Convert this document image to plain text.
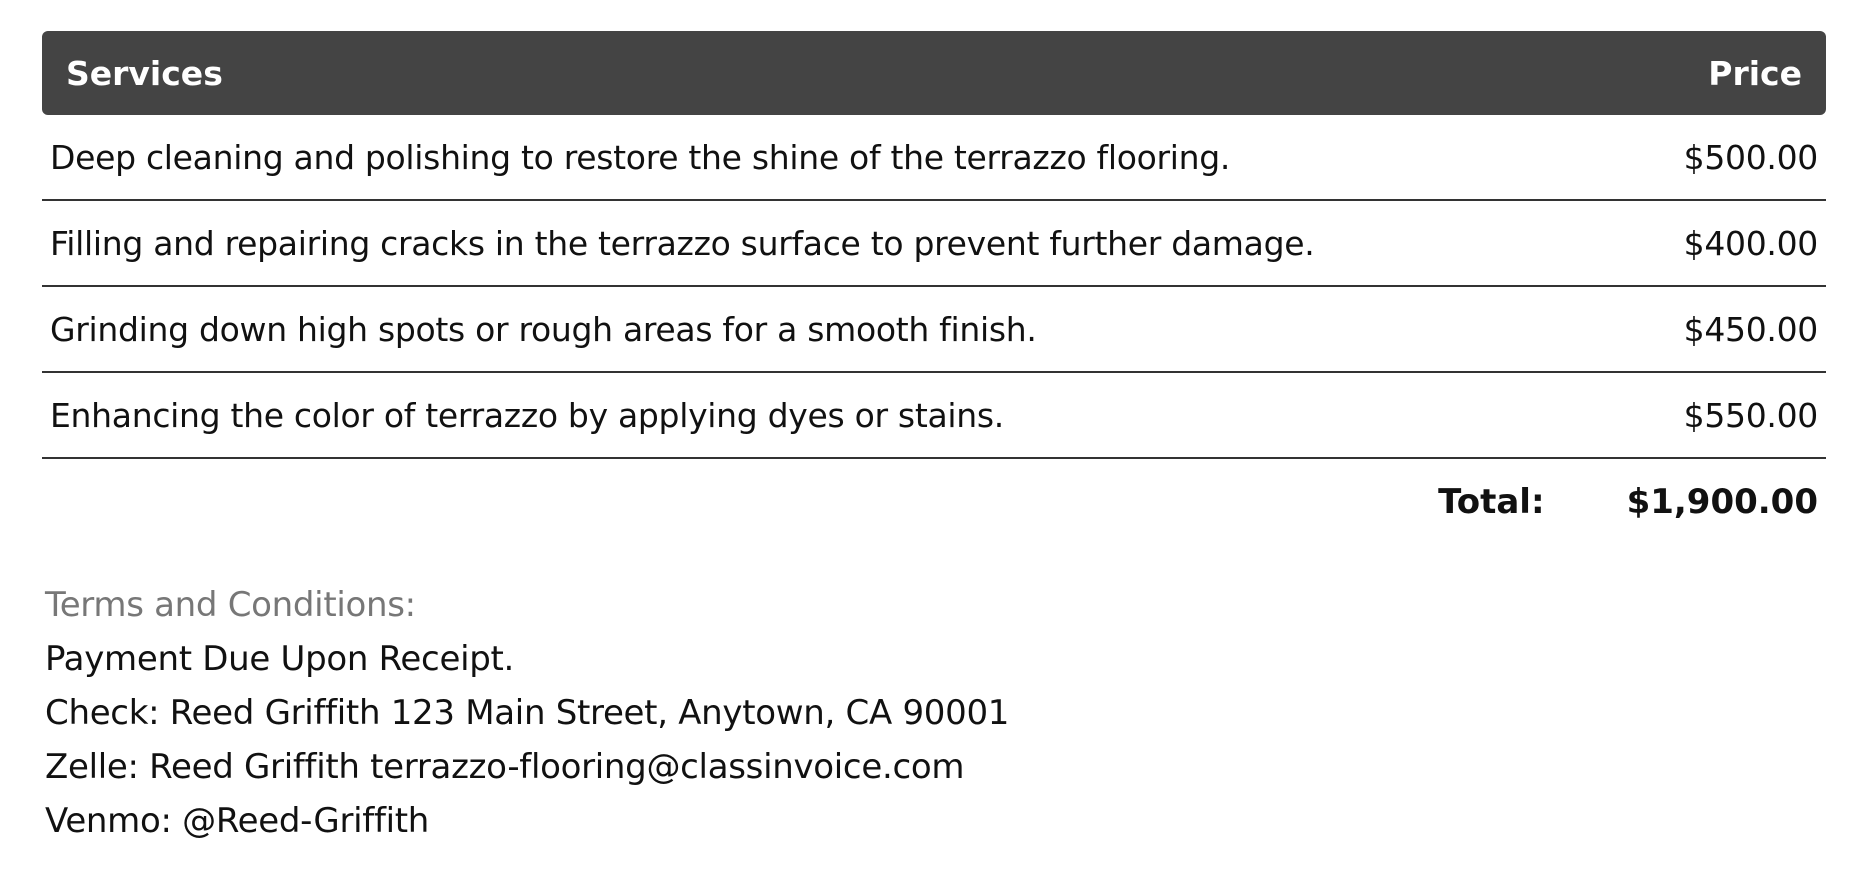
Services	Price
Deep cleaning and polishing to restore the shine of the terrazzo flooring.	$500.00
Filling and repairing cracks in the terrazzo surface to prevent further damage.	$400.00
Grinding down high spots or rough areas for a smooth finish.	$450.00
Enhancing the color of terrazzo by applying dyes or stains.	$550.00
Total: $1,900.00
Terms and Conditions:
Payment Due Upon Receipt.
Check: Reed Griffith 123 Main Street, Anytown, CA 90001
Zelle: Reed Griffith terrazzo-flooring@classinvoice.com
Venmo: @Reed-Griffith
